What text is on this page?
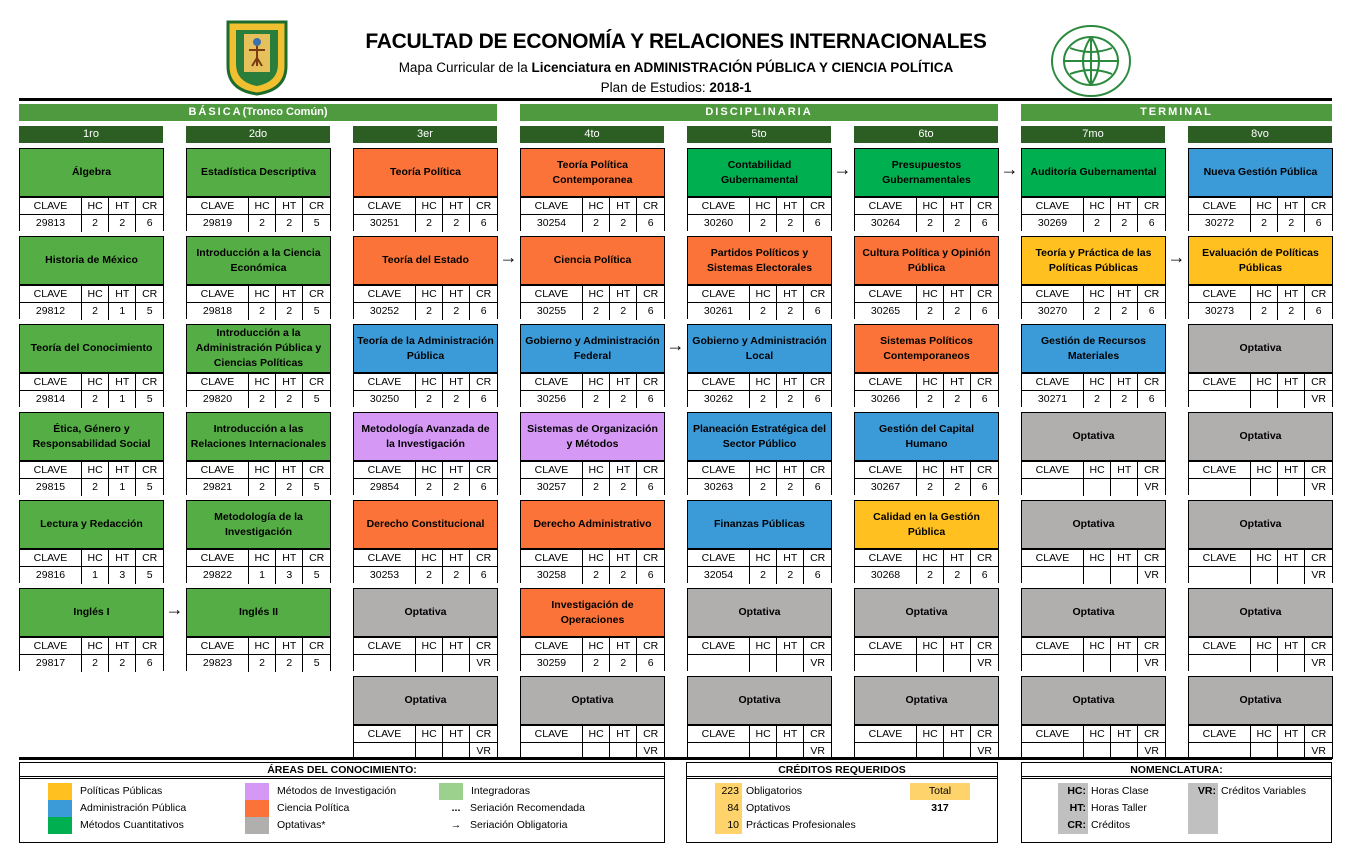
FACULTAD DE ECONOMÍA Y RELACIONES INTERNACIONALES
Mapa Curricular de la Licenciatura en ADMINISTRACIÓN PÚBLICA Y CIENCIA POLÍTICA
Plan de Estudios: 2018-1
BÁSICA(Tronco Común)	DISCIPLINARIA	TERMINAL
1ro
Álgebra
CLAVE	HC	HT	CR
29813	2	2	6
Historia de México
CLAVE	HC	HT	CR
29812	2	1	5
Teoría del Conocimiento
CLAVE	HC	HT	CR
29814	2	1	5
Ética, Género y Responsabilidad Social
CLAVE	HC	HT	CR
29815	2	1	5
Lectura y Redacción
CLAVE	HC	HT	CR
29816	1	3	5
Inglés I
CLAVE	HC	HT	CR
29817	2	2	6
2do
Estadística Descriptiva
CLAVE	HC	HT	CR
29819	2	2	5
Introducción a la Ciencia Económica
CLAVE	HC	HT	CR
29818	2	2	5
Introducción a la Administración Pública y Ciencias Políticas
CLAVE	HC	HT	CR
29820	2	2	5
Introducción a las Relaciones Internacionales
CLAVE	HC	HT	CR
29821	2	2	5
Metodología de la Investigación
CLAVE	HC	HT	CR
29822	1	3	5
Inglés II
CLAVE	HC	HT	CR
29823	2	2	5
3er
Teoría Política
CLAVE	HC	HT	CR
30251	2	2	6
Teoría del Estado
CLAVE	HC	HT	CR
30252	2	2	6
Teoría de la Administración Pública
CLAVE	HC	HT	CR
30250	2	2	6
Metodología Avanzada de la Investigación
CLAVE	HC	HT	CR
29854	2	2	6
Derecho Constitucional
CLAVE	HC	HT	CR
30253	2	2	6
Optativa
CLAVE	HC	HT	CR
			VR
Optativa
CLAVE	HC	HT	CR
			VR
4to
Teoría Política Contemporanea
CLAVE	HC	HT	CR
30254	2	2	6
Ciencia Política
CLAVE	HC	HT	CR
30255	2	2	6
Gobierno y Administración Federal
CLAVE	HC	HT	CR
30256	2	2	6
Sistemas de Organización y Métodos
CLAVE	HC	HT	CR
30257	2	2	6
Derecho Administrativo
CLAVE	HC	HT	CR
30258	2	2	6
Investigación de Operaciones
CLAVE	HC	HT	CR
30259	2	2	6
Optativa
CLAVE	HC	HT	CR
			VR
5to
Contabilidad Gubernamental
CLAVE	HC	HT	CR
30260	2	2	6
Partidos Políticos y Sistemas Electorales
CLAVE	HC	HT	CR
30261	2	2	6
Gobierno y Administración Local
CLAVE	HC	HT	CR
30262	2	2	6
Planeación Estratégica del Sector Público
CLAVE	HC	HT	CR
30263	2	2	6
Finanzas Públicas
CLAVE	HC	HT	CR
32054	2	2	6
Optativa
CLAVE	HC	HT	CR
			VR
Optativa
CLAVE	HC	HT	CR
			VR
6to
Presupuestos Gubernamentales
CLAVE	HC	HT	CR
30264	2	2	6
Cultura Política y Opinión Pública
CLAVE	HC	HT	CR
30265	2	2	6
Sistemas Políticos Contemporaneos
CLAVE	HC	HT	CR
30266	2	2	6
Gestión del Capital Humano
CLAVE	HC	HT	CR
30267	2	2	6
Calidad en la Gestión Pública
CLAVE	HC	HT	CR
30268	2	2	6
Optativa
CLAVE	HC	HT	CR
			VR
Optativa
CLAVE	HC	HT	CR
			VR
7mo
Auditoría Gubernamental
CLAVE	HC	HT	CR
30269	2	2	6
Teoría y Práctica de las Políticas Públicas
CLAVE	HC	HT	CR
30270	2	2	6
Gestión de Recursos Materiales
CLAVE	HC	HT	CR
30271	2	2	6
Optativa
CLAVE	HC	HT	CR
			VR
Optativa
CLAVE	HC	HT	CR
			VR
Optativa
CLAVE	HC	HT	CR
			VR
Optativa
CLAVE	HC	HT	CR
			VR
8vo
Nueva Gestión Pública
CLAVE	HC	HT	CR
30272	2	2	6
Evaluación de Políticas Públicas
CLAVE	HC	HT	CR
30273	2	2	6
Optativa
CLAVE	HC	HT	CR
			VR
Optativa
CLAVE	HC	HT	CR
			VR
Optativa
CLAVE	HC	HT	CR
			VR
Optativa
CLAVE	HC	HT	CR
			VR
Optativa
CLAVE	HC	HT	CR
			VR
→
→
→
→	→
→
ÁREAS DEL CONOCIMIENTO:
Políticas Públicas
Administración Pública
Métodos Cuantitativos
Métodos de Investigación
Ciencia Política
Optativas*
Integradoras
... Seriación Recomendada
→ Seriación Obligatoria
CRÉDITOS REQUERIDOS
223 Obligatorios
84 Optativos
10 Prácticas Profesionales
Total
317
NOMENCLATURA:
HC: Horas Clase
HT: Horas Taller
CR: Créditos
VR: Créditos Variables
